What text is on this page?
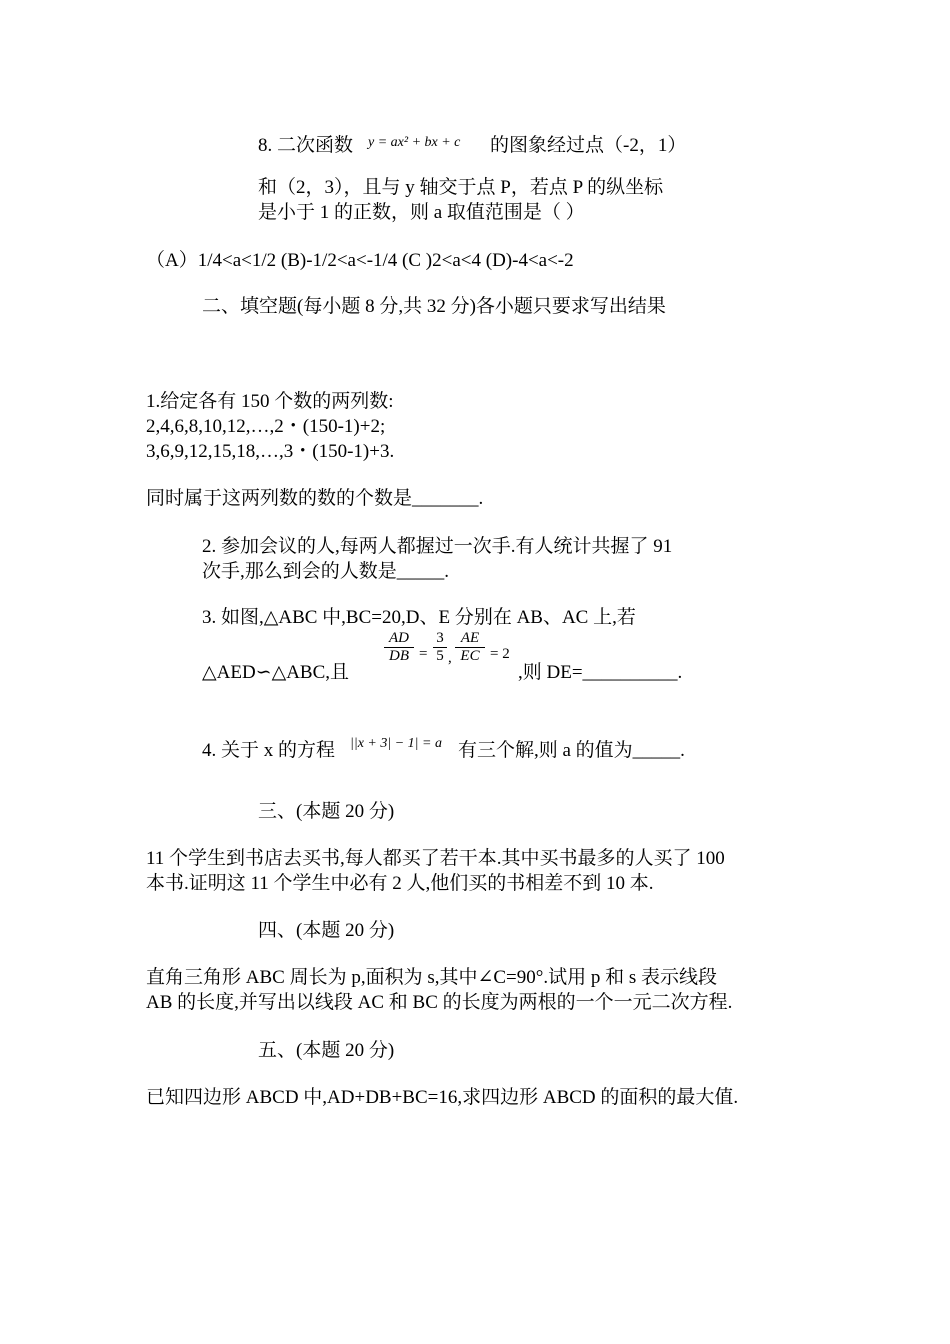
8. 二次函数 y = ax² + bx + c 的图象经过点（-2，1）
和（2，3），且与 y 轴交于点 P，若点 P 的纵坐标
是小于 1 的正数，则 a 取值范围是（ ）
（A）1/4<a<1/2 (B)-1/2<a<-1/4 (C )2<a<4 (D)-4<a<-2
二、填空题(每小题 8 分,共 32 分)各小题只要求写出结果
1.给定各有 150 个数的两列数:
2,4,6,8,10,12,…,2・(150-1)+2;
3,6,9,12,15,18,…,3・(150-1)+3.
同时属于这两列数的数的个数是_______.
2. 参加会议的人,每两人都握过一次手.有人统计共握了 91
次手,那么到会的人数是_____.
3. 如图,△ABC 中,BC=20,D、E 分别在 AB、AC 上,若
△AED∽△ABC,且
$\frac{AD}{DB} = \frac{3}{5}$ , $\frac{AE}{EC} = 2$
,则 DE=__________.
4. 关于 x 的方程 ||x + 3| − 1| = a 有三个解,则 a 的值为_____.
三、(本题 20 分)
11 个学生到书店去买书,每人都买了若干本.其中买书最多的人买了 100
本书.证明这 11 个学生中必有 2 人,他们买的书相差不到 10 本.
四、(本题 20 分)
直角三角形 ABC 周长为 p,面积为 s,其中∠C=90°.试用 p 和 s 表示线段
AB 的长度,并写出以线段 AC 和 BC 的长度为两根的一个一元二次方程.
五、(本题 20 分)
已知四边形 ABCD 中,AD+DB+BC=16,求四边形 ABCD 的面积的最大值.
